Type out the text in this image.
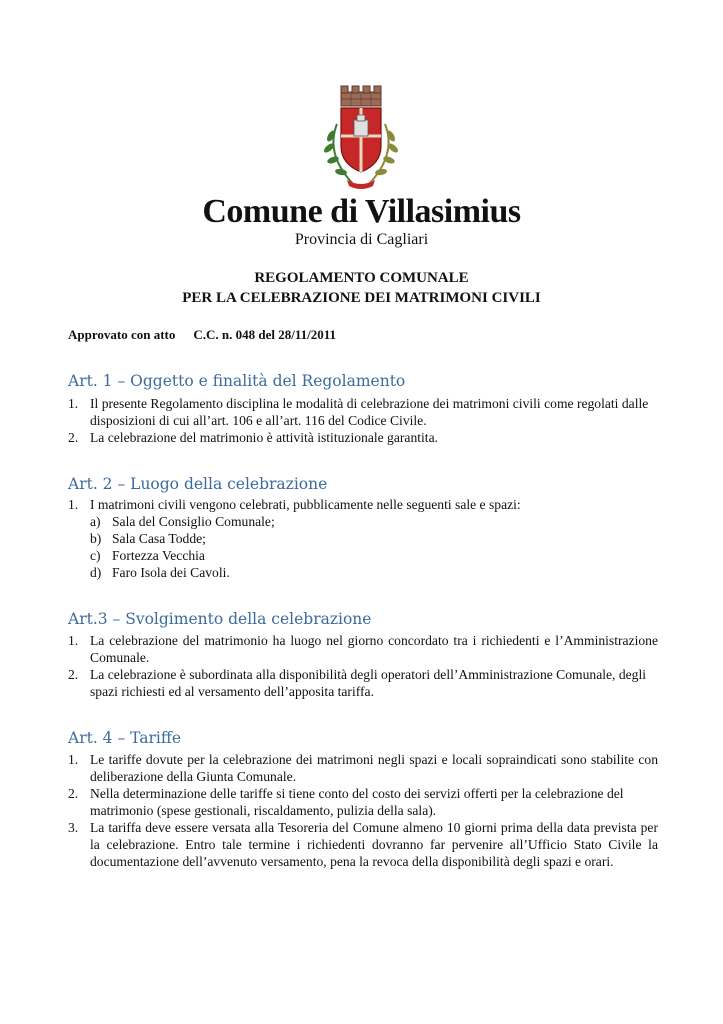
Comune di Villasimius
Provincia di Cagliari
REGOLAMENTO COMUNALE
PER LA CELEBRAZIONE DEI MATRIMONI CIVILI
Approvato con atto C.C. n. 048 del 28/11/2011
Art. 1 – Oggetto e finalità del Regolamento
1. Il presente Regolamento disciplina le modalità di celebrazione dei matrimoni civili come regolati dalle disposizioni di cui all’art. 106 e all’art. 116 del Codice Civile.
2. La celebrazione del matrimonio è attività istituzionale garantita.
Art. 2 – Luogo della celebrazione
1. I matrimoni civili vengono celebrati, pubblicamente nelle seguenti sale e spazi:
a) Sala del Consiglio Comunale;
b) Sala Casa Todde;
c) Fortezza Vecchia
d) Faro Isola dei Cavoli.
Art.3 – Svolgimento della celebrazione
1. La celebrazione del matrimonio ha luogo nel giorno concordato tra i richiedenti e l’Amministrazione Comunale.
2. La celebrazione è subordinata alla disponibilità degli operatori dell’Amministrazione Comunale, degli spazi richiesti ed al versamento dell’apposita tariffa.
Art. 4 – Tariffe
1. Le tariffe dovute per la celebrazione dei matrimoni negli spazi e locali sopraindicati sono stabilite con deliberazione della Giunta Comunale.
2. Nella determinazione delle tariffe si tiene conto del costo dei servizi offerti per la celebrazione del matrimonio (spese gestionali, riscaldamento, pulizia della sala).
3. La tariffa deve essere versata alla Tesoreria del Comune almeno 10 giorni prima della data prevista per la celebrazione. Entro tale termine i richiedenti dovranno far pervenire all’Ufficio Stato Civile la documentazione dell’avvenuto versamento, pena la revoca della disponibilità degli spazi e orari.
